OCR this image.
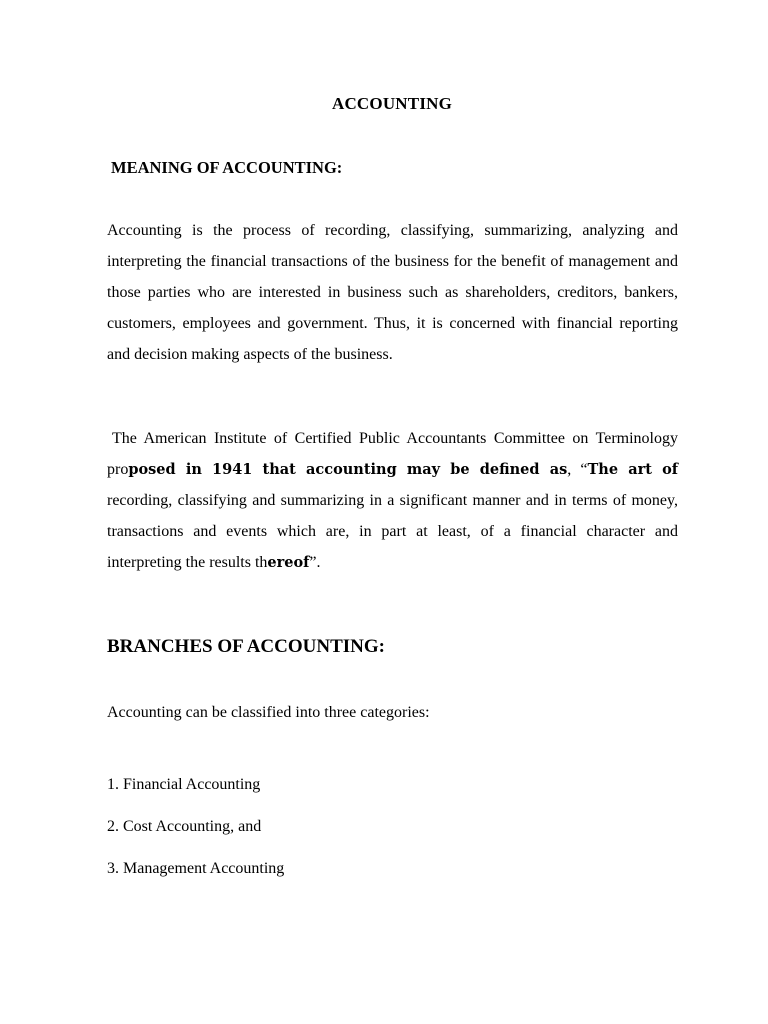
ACCOUNTING
MEANING OF ACCOUNTING:
Accounting is the process of recording, classifying, summarizing, analyzing and interpreting the financial transactions of the business for the benefit of management and those parties who are interested in business such as shareholders, creditors, bankers, customers, employees and government. Thus, it is concerned with financial reporting and decision making aspects of the business.
The American Institute of Certified Public Accountants Committee on Terminology proposed in 1941 that accounting may be defined as, “The art of recording, classifying and summarizing in a significant manner and in terms of money, transactions and events which are, in part at least, of a financial character and interpreting the results thereof”.
BRANCHES OF ACCOUNTING:
Accounting can be classified into three categories:
1. Financial Accounting
2. Cost Accounting, and
3. Management Accounting
